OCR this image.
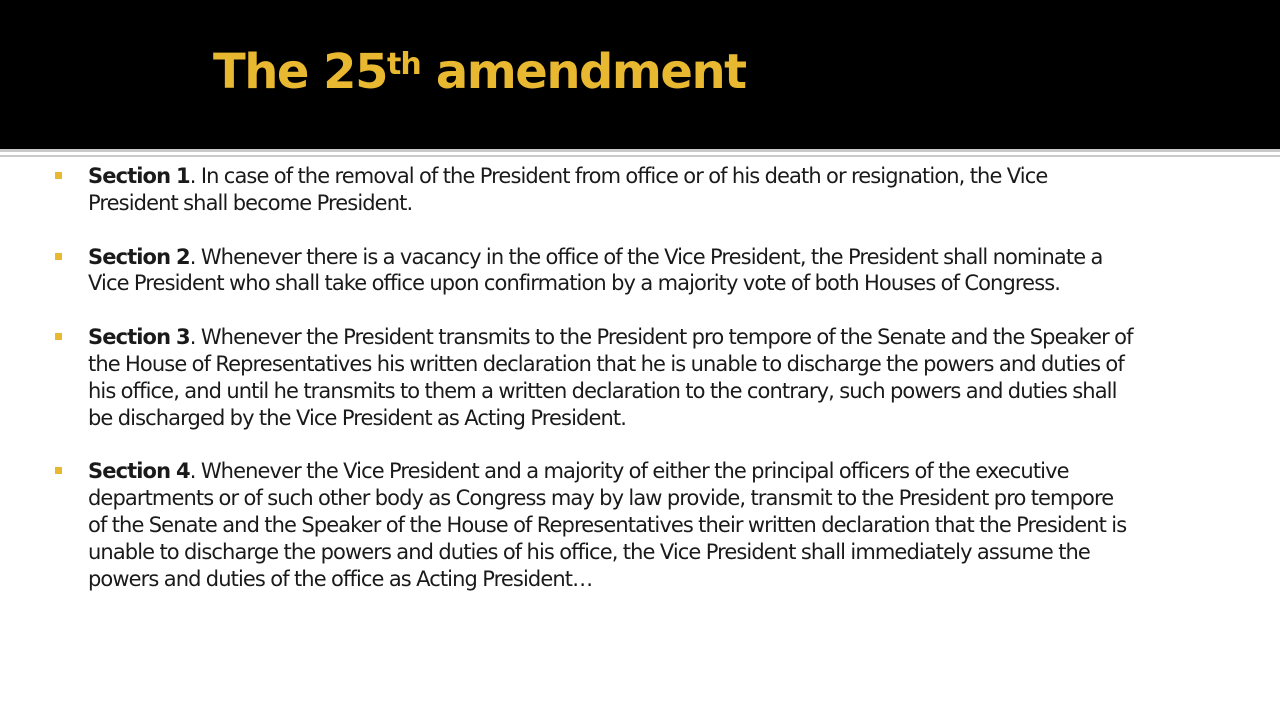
The 25th amendment
Section 1. In case of the removal of the President from office or of his death or resignation, the Vice President shall become President.
Section 2. Whenever there is a vacancy in the office of the Vice President, the President shall nominate a Vice President who shall take office upon confirmation by a majority vote of both Houses of Congress.
Section 3. Whenever the President transmits to the President pro tempore of the Senate and the Speaker of the House of Representatives his written declaration that he is unable to discharge the powers and duties of his office, and until he transmits to them a written declaration to the contrary, such powers and duties shall be discharged by the Vice President as Acting President.
Section 4. Whenever the Vice President and a majority of either the principal officers of the executive departments or of such other body as Congress may by law provide, transmit to the President pro tempore of the Senate and the Speaker of the House of Representatives their written declaration that the President is unable to discharge the powers and duties of his office, the Vice President shall immediately assume the powers and duties of the office as Acting President…
